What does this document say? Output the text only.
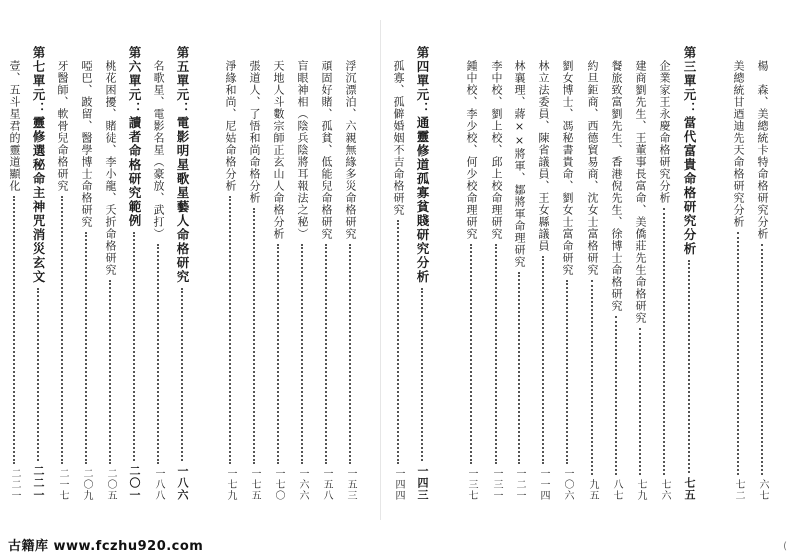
楊　森、美總統卡特命格研究分析
六七
美總統甘迺迪先天命格研究分析
七二
第三單元：當代富貴命格研究分析
七五
企業家王永慶命格研究分析
七六
建商劉先生、王董事長富命、美僑莊先生命格研究
七九
餐旅致富劉先生、香港倪先生、徐博士命格研究
八七
約旦鉅商、西德貿易商、沈女士富格研究
九五
劉女博士、馮秘書貴命、劉女士富命研究
一〇六
林立法委員、陳省議員、王女縣議員
一一四
林襄理、蔣××將軍、鄒將軍命理研究
一二一
李中校、劉上校、邱上校命理研究
一三一
鍾中校、李少校、何少校命理研究
一三七
第四單元：通靈修道孤寡貧賤研究分析
一四三
孤寡、孤僻婚姻不吉命格研究
一四四
浮沉漂泊、六親無緣多災命格研究
一五三
頑固好賭、孤貧、低能兒命格研究
一五八
盲眼神相（陰兵陰將耳報法之秘）
一六六
天地人斗數宗師正玄山人命格分析
一七〇
張道人、了悟和尚命格分析
一七五
淨緣和尚、尼姑命格分析
一七九
第五單元：電影明星歌星藝人命格研究
一八六
名歌星、電影名星（豪放、武打）
一八八
第六單元：讀者命格研究範例
二〇一
桃花困擾、賭徒、李小龍、夭折命格研究
二〇五
啞巴、跛留、醫學博士命格研究
二〇九
牙醫師、軟骨兒命格研究
二一七
第七單元：靈修選秘命主神咒消災玄文
二二一
壹、五斗星君的靈道顯化
二二一
古籍库 www.fczhu920.com	(
